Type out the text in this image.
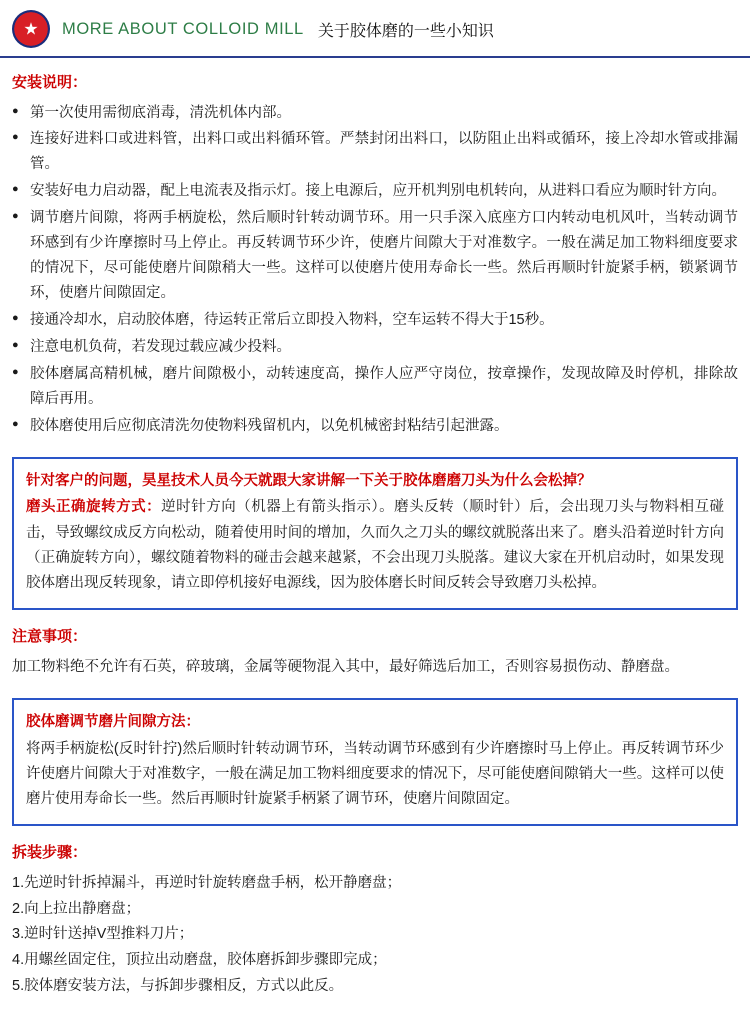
★ MORE ABOUT COLLOID MILL 关于胶体磨的一些小知识
安装说明：
● 第一次使用需彻底消毒，清洗机体内部。
● 连接好进料口或进料管，出料口或出料循环管。严禁封闭出料口，以防阻止出料或循环，接上冷却水管或排漏管。
● 安装好电力启动器，配上电流表及指示灯。接上电源后，应开机判别电机转向，从进料口看应为顺时针方向。
● 调节磨片间隙，将两手柄旋松，然后顺时针转动调节环。用一只手深入底座方口内转动电机风叶，当转动调节环感到有少许摩擦时马上停止。再反转调节环少许，使磨片间隙大于对准数字。一般在满足加工物料细度要求的情况下，尽可能使磨片间隙稍大一些。这样可以使磨片使用寿命长一些。然后再顺时针旋紧手柄，锁紧调节环，使磨片间隙固定。
● 接通冷却水，启动胶体磨，待运转正常后立即投入物料，空车运转不得大于15秒。
● 注意电机负荷，若发现过载应减少投料。
● 胶体磨属高精机械，磨片间隙极小，动转速度高，操作人应严守岗位，按章操作，发现故障及时停机，排除故障后再用。
● 胶体磨使用后应彻底清洗勿使物料残留机内，以免机械密封粘结引起泄露。
针对客户的问题，昊星技术人员今天就跟大家讲解一下关于胶体磨磨刀头为什么会松掉？

磨头正确旋转方式：逆时针方向（机器上有箭头指示）。磨头反转（顺时针）后，会出现刀头与物料相互碰击，导致螺纹成反方向松动，随着使用时间的增加，久而久之刀头的螺纹就脱落出来了。磨头沿着逆时针方向（正确旋转方向），螺纹随着物料的碰击会越来越紧，不会出现刀头脱落。建议大家在开机启动时，如果发现胶体磨出现反转现象，请立即停机接好电源线，因为胶体磨长时间反转会导致磨刀头松掉。

注意事项：

加工物料绝不允许有石英，碎玻璃，金属等硬物混入其中，最好筛选后加工，否则容易损伤动、静磨盘。

胶体磨调节磨片间隙方法：

将两手柄旋松(反时针拧)然后顺时针转动调节环，当转动调节环感到有少许磨擦时马上停止。再反转调节环少许使磨片间隙大于对准数字，一般在满足加工物料细度要求的情况下，尽可能使磨间隙销大一些。这样可以使磨片使用寿命长一些。然后再顺时针旋紧手柄紧了调节环，使磨片间隙固定。

拆装步骤：
1.先逆时针拆掉漏斗，再逆时针旋转磨盘手柄，松开静磨盘；
2.向上拉出静磨盘；
3.逆时针送掉V型推料刀片；
4.用螺丝固定住，顶拉出动磨盘，胶体磨拆卸步骤即完成；
5.胶体磨安装方法，与拆卸步骤相反，方式以此反。
